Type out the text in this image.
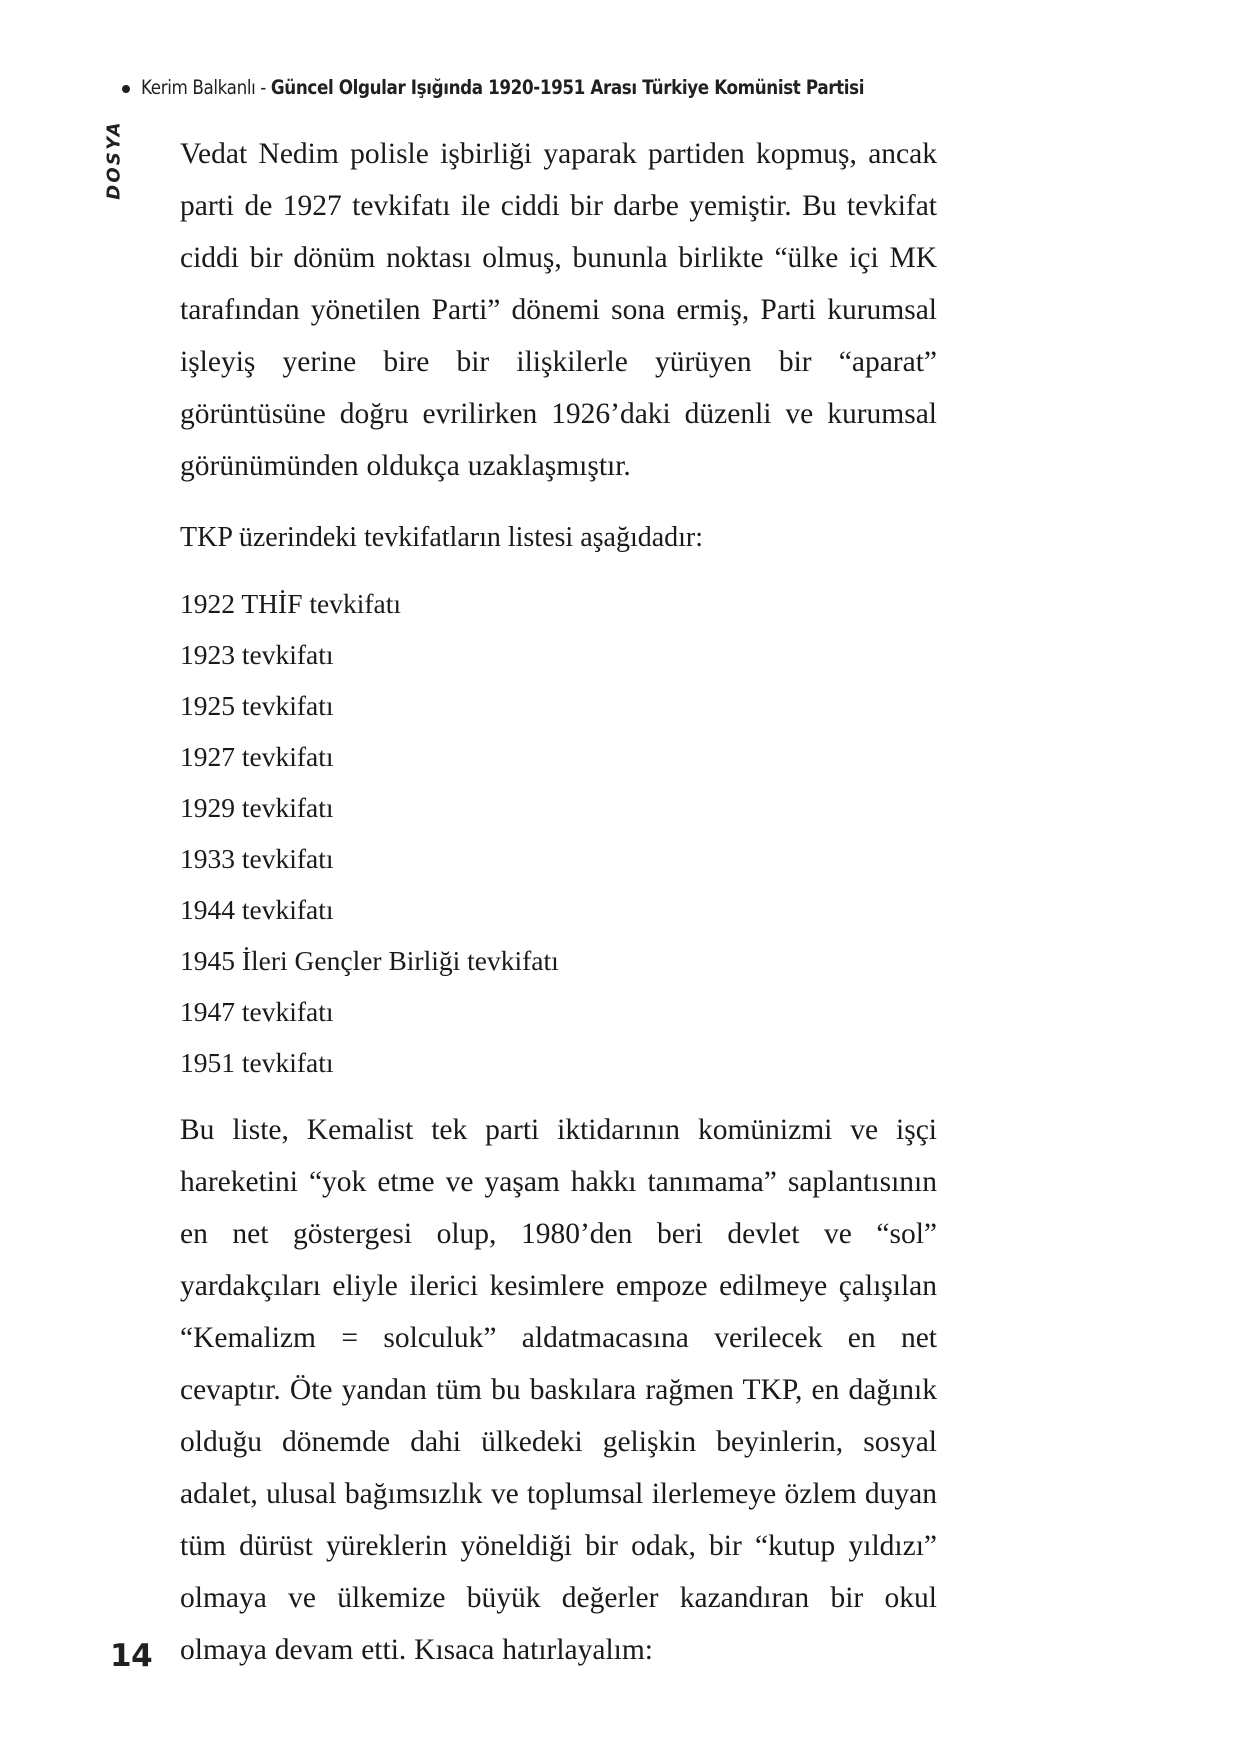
Kerim Balkanlı - Güncel Olgular Işığında 1920-1951 Arası Türkiye Komünist Partisi
DOSYA Vedat Nedim polisle işbirliği yaparak partiden kopmuş, ancak parti de 1927 tevkifatı ile ciddi bir darbe yemiştir. Bu tevkifat ciddi bir dönüm noktası olmuş, bununla birlikte “ülke içi MK tarafından yönetilen Parti” dönemi sona ermiş, Parti kurumsal işleyiş yerine bire bir ilişkilerle yürüyen bir “aparat” görüntüsüne doğru evrilirken 1926’daki düzenli ve kurumsal görünümünden oldukça uzaklaşmıştır.

TKP üzerindeki tevkifatların listesi aşağıdadır:

1922 THİF tevkifatı
1923 tevkifatı
1925 tevkifatı
1927 tevkifatı
1929 tevkifatı
1933 tevkifatı
1944 tevkifatı
1945 İleri Gençler Birliği tevkifatı
1947 tevkifatı
1951 tevkifatı

Bu liste, Kemalist tek parti iktidarının komünizmi ve işçi hareketini “yok etme ve yaşam hakkı tanımama” saplantısının en net göstergesi olup, 1980’den beri devlet ve “sol” yardakçıları eliyle ilerici kesimlere empoze edilmeye çalışılan “Kemalizm = solculuk” aldatmacasına verilecek en net cevaptır. Öte yandan tüm bu baskılara rağmen TKP, en dağınık olduğu dönemde dahi ülkedeki gelişkin beyinlerin, sosyal adalet, ulusal bağımsızlık ve toplumsal ilerlemeye özlem duyan tüm dürüst yüreklerin yöneldiği bir odak, bir “kutup yıldızı” olmaya ve ülkemize büyük değerler kazandıran bir okul olmaya devam etti. Kısaca hatırlayalım:

14
